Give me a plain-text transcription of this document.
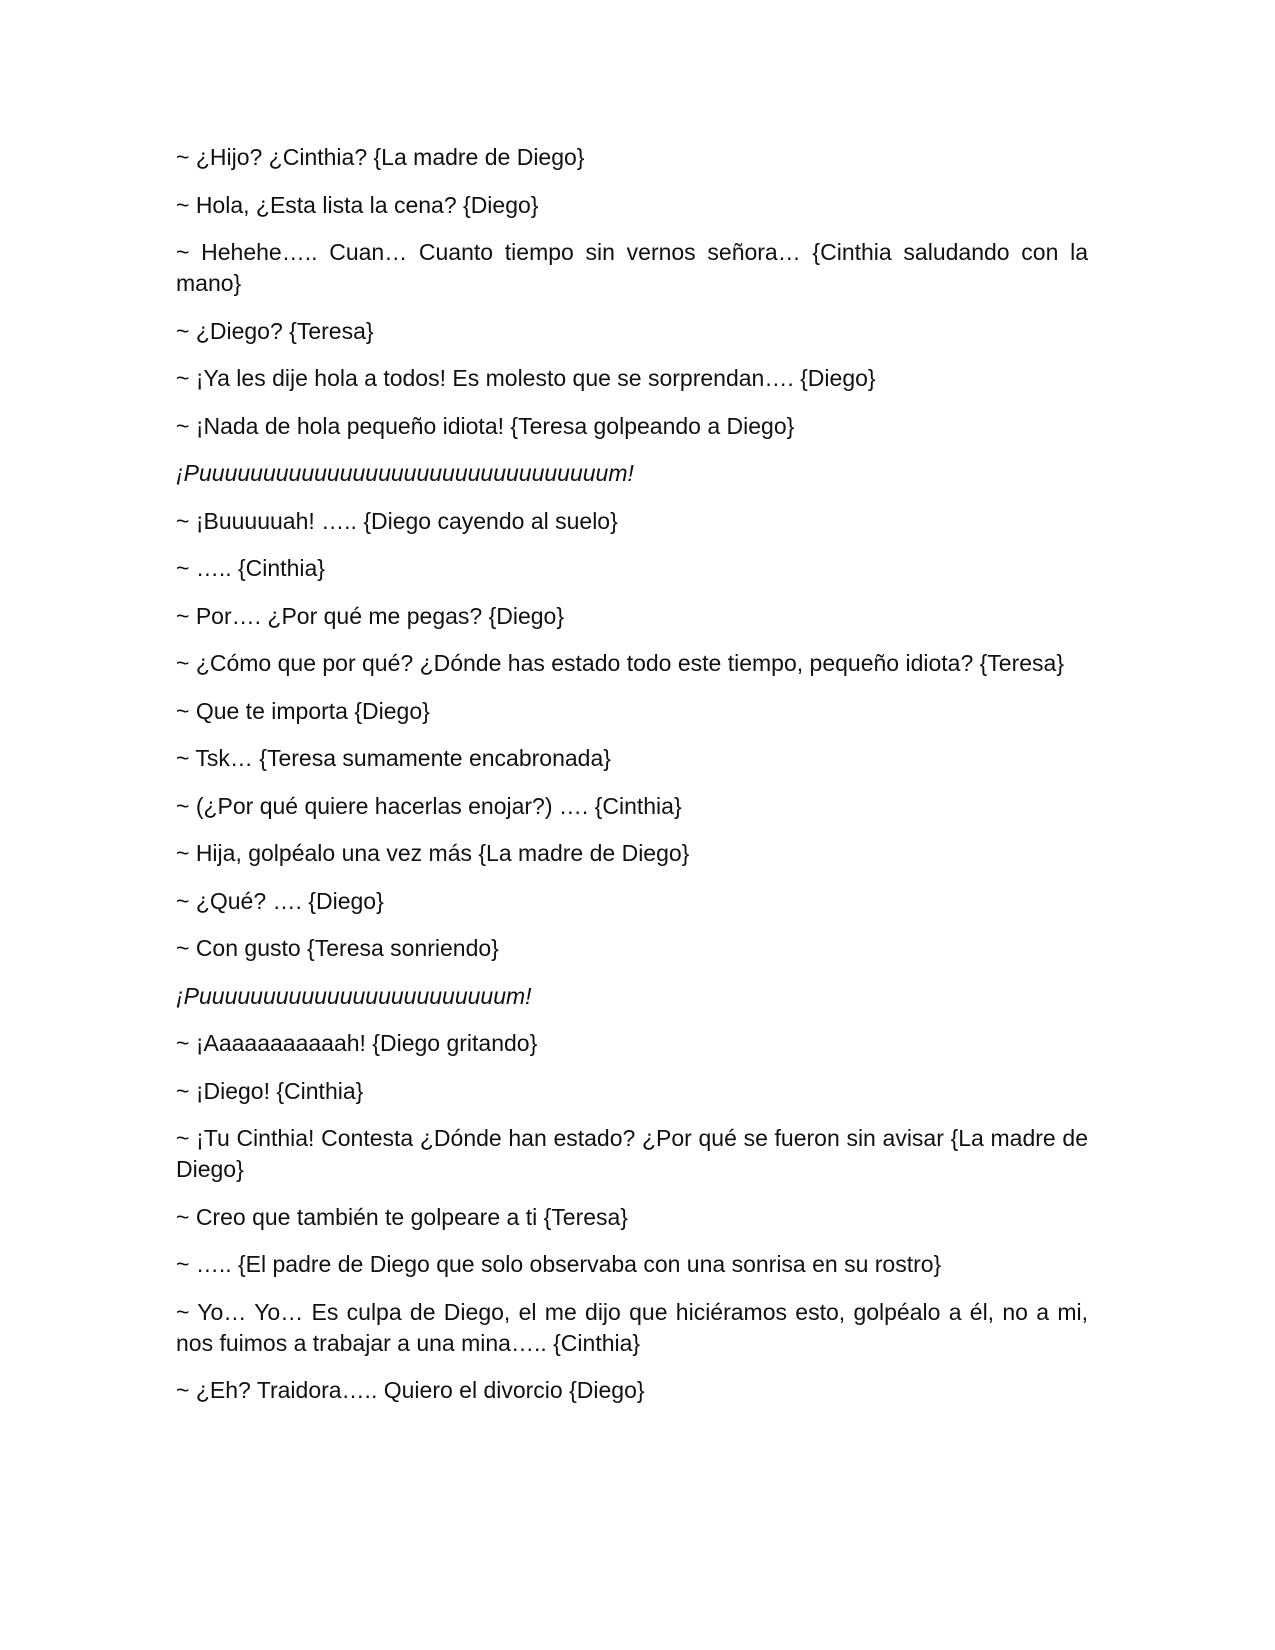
~ ¿Hijo? ¿Cinthia? {La madre de Diego}

~ Hola, ¿Esta lista la cena? {Diego}

~ Hehehe….. Cuan… Cuanto tiempo sin vernos señora… {Cinthia saludando con la mano}

~ ¿Diego? {Teresa}

~ ¡Ya les dije hola a todos! Es molesto que se sorprendan…. {Diego}

~ ¡Nada de hola pequeño idiota! {Teresa golpeando a Diego}

¡Puuuuuuuuuuuuuuuuuuuuuuuuuuuuuuuum!

~ ¡Buuuuuah! ….. {Diego cayendo al suelo}

~ ….. {Cinthia}

~ Por…. ¿Por qué me pegas? {Diego}

~ ¿Cómo que por qué? ¿Dónde has estado todo este tiempo, pequeño idiota? {Teresa}

~ Que te importa {Diego}

~ Tsk… {Teresa sumamente encabronada}

~ (¿Por qué quiere hacerlas enojar?) …. {Cinthia}

~ Hija, golpéalo una vez más {La madre de Diego}

~ ¿Qué? …. {Diego}

~ Con gusto {Teresa sonriendo}

¡Puuuuuuuuuuuuuuuuuuuuuuuum!

~ ¡Aaaaaaaaaaah! {Diego gritando}

~ ¡Diego! {Cinthia}

~ ¡Tu Cinthia! Contesta ¿Dónde han estado? ¿Por qué se fueron sin avisar {La madre de Diego}

~ Creo que también te golpeare a ti {Teresa}

~ ….. {El padre de Diego que solo observaba con una sonrisa en su rostro}

~ Yo… Yo… Es culpa de Diego, el me dijo que hiciéramos esto, golpéalo a él, no a mi, nos fuimos a trabajar a una mina….. {Cinthia}

~ ¿Eh? Traidora….. Quiero el divorcio {Diego}
